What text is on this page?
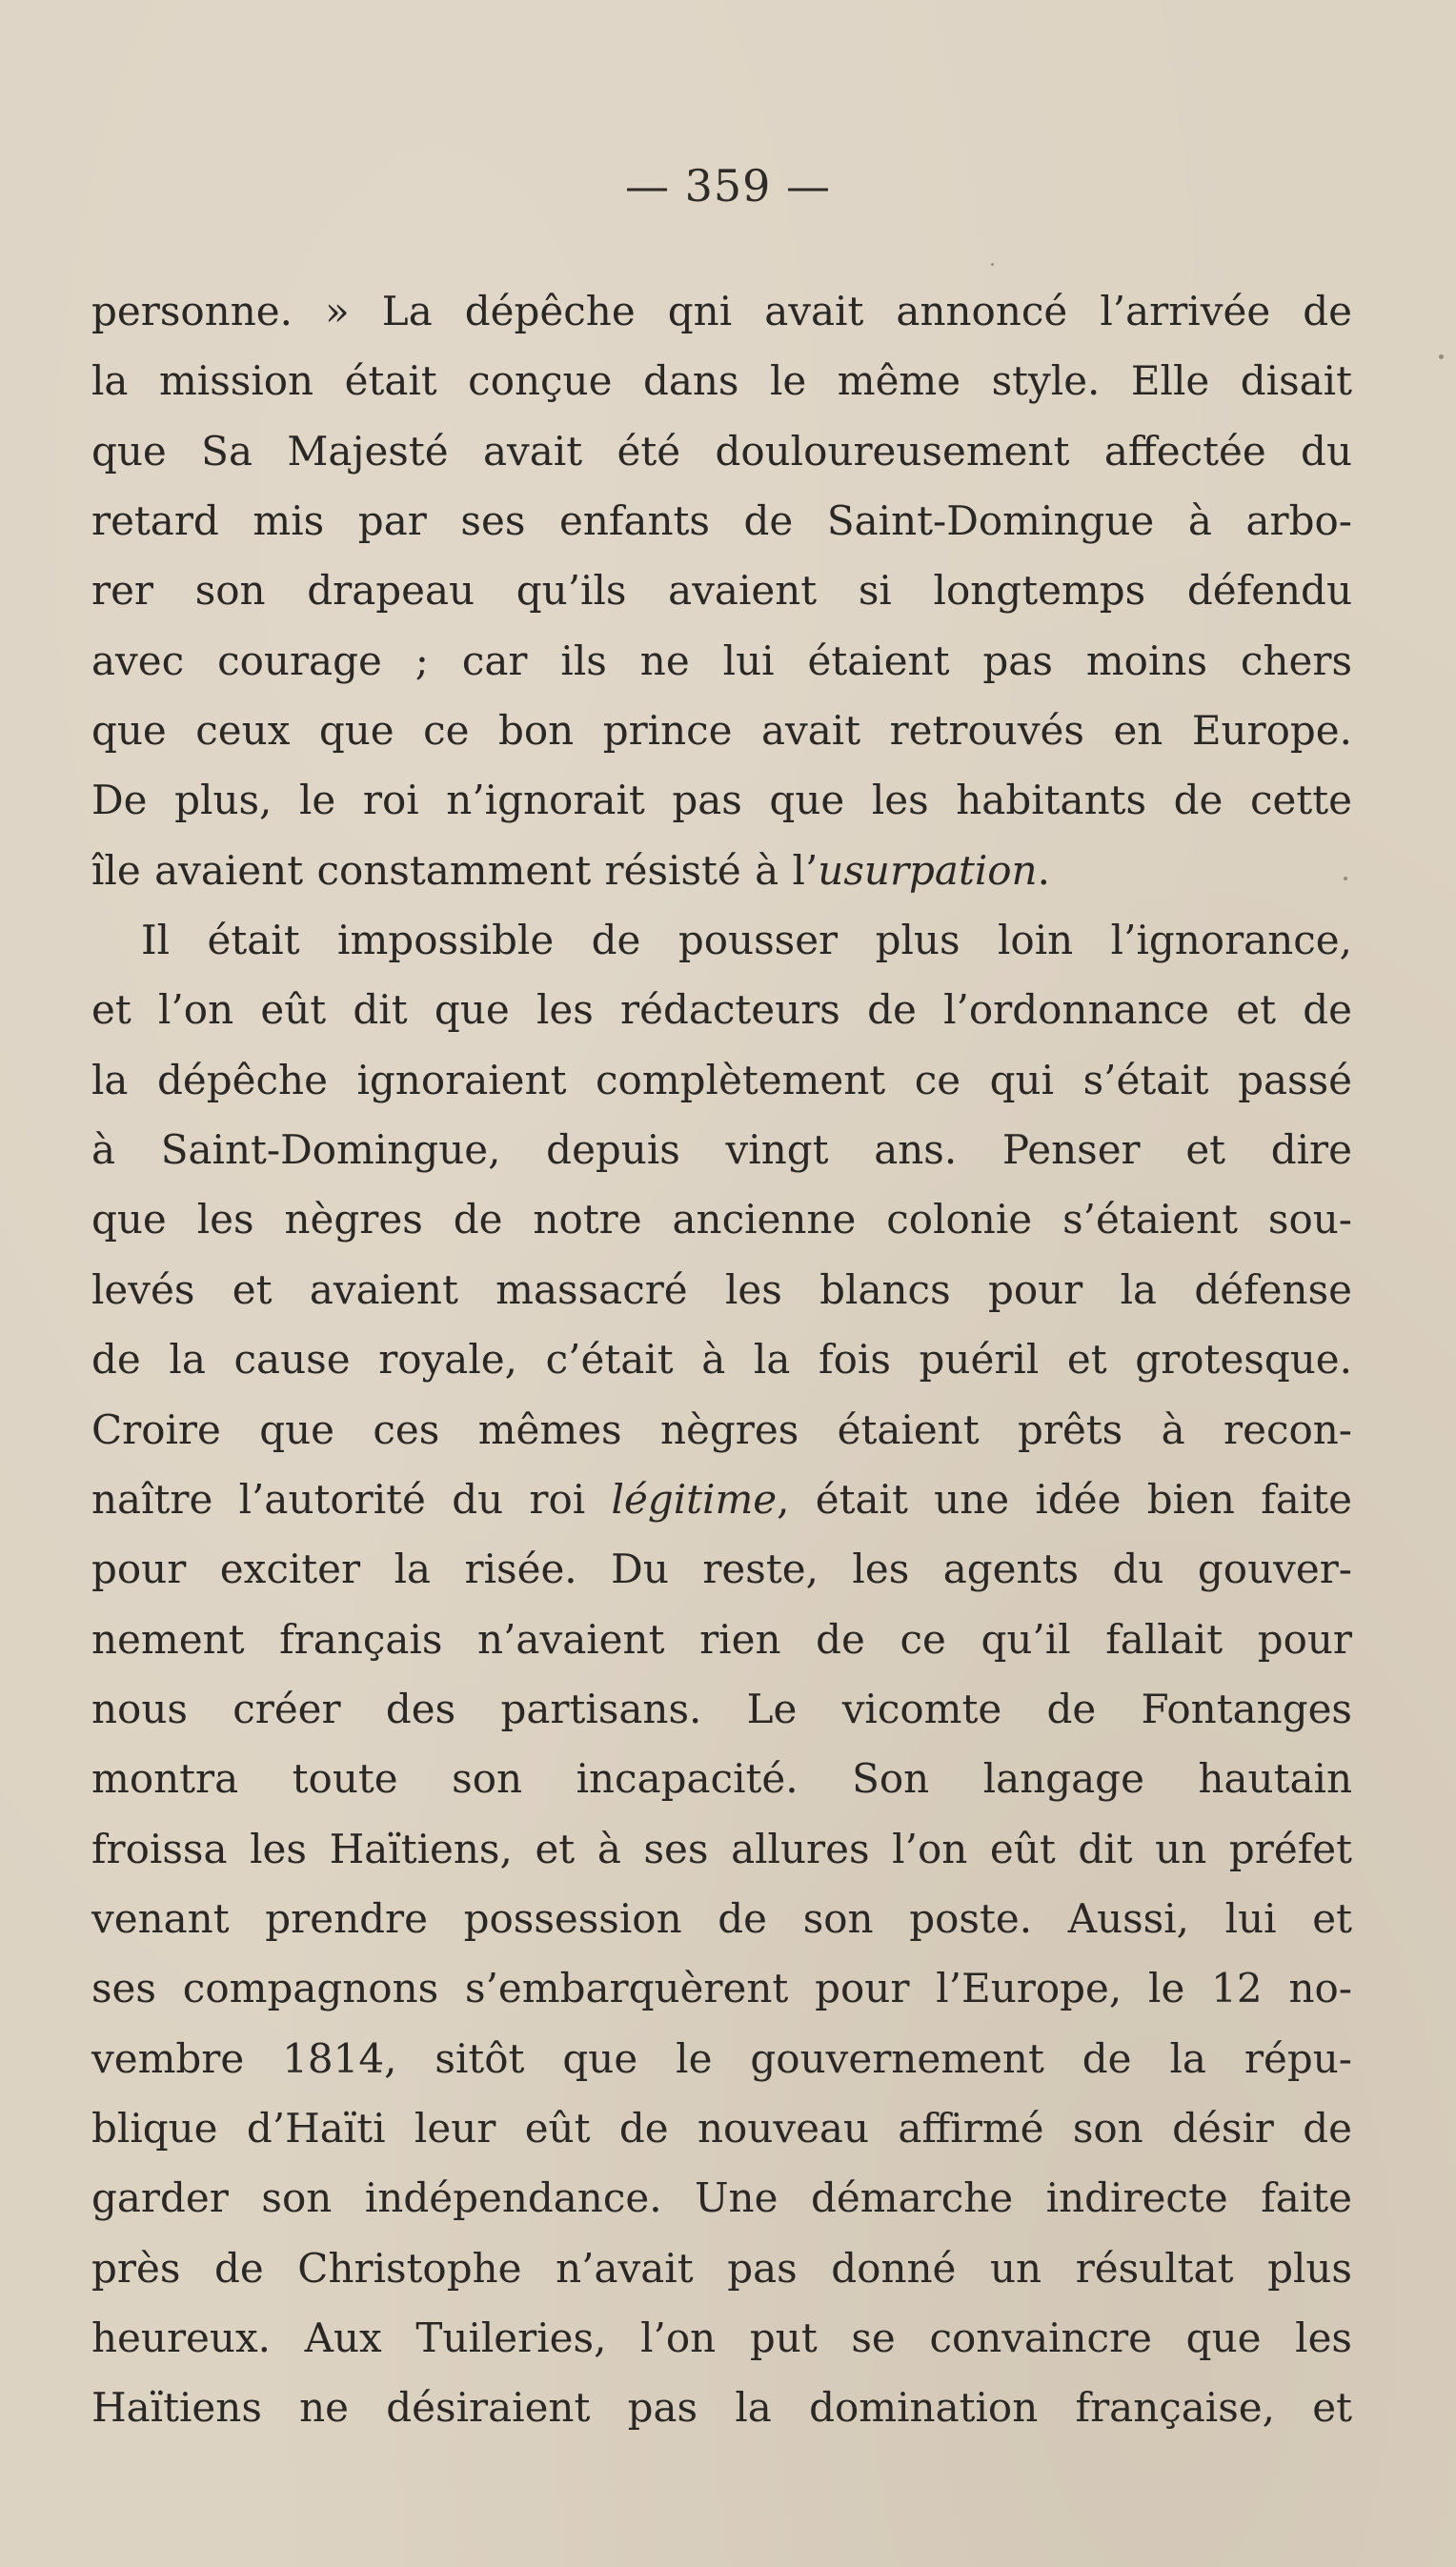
— 359 —
personne. » La dépêche qni avait annoncé l’arrivée de
la mission était conçue dans le même style. Elle disait
que Sa Majesté avait été douloureusement affectée du
retard mis par ses enfants de Saint-Domingue à arbo-
rer son drapeau qu’ils avaient si longtemps défendu
avec courage ; car ils ne lui étaient pas moins chers
que ceux que ce bon prince avait retrouvés en Europe.
De plus, le roi n’ignorait pas que les habitants de cette
île avaient constamment résisté à l’usurpation.
Il était impossible de pousser plus loin l’ignorance,
et l’on eût dit que les rédacteurs de l’ordonnance et de
la dépêche ignoraient complètement ce qui s’était passé
à Saint-Domingue, depuis vingt ans. Penser et dire
que les nègres de notre ancienne colonie s’étaient sou-
levés et avaient massacré les blancs pour la défense
de la cause royale, c’était à la fois puéril et grotesque.
Croire que ces mêmes nègres étaient prêts à recon-
naître l’autorité du roi légitime, était une idée bien faite
pour exciter la risée. Du reste, les agents du gouver-
nement français n’avaient rien de ce qu’il fallait pour
nous créer des partisans. Le vicomte de Fontanges
montra toute son incapacité. Son langage hautain
froissa les Haïtiens, et à ses allures l’on eût dit un préfet
venant prendre possession de son poste. Aussi, lui et
ses compagnons s’embarquèrent pour l’Europe, le 12 no-
vembre 1814, sitôt que le gouvernement de la répu-
blique d’Haïti leur eût de nouveau affirmé son désir de
garder son indépendance. Une démarche indirecte faite
près de Christophe n’avait pas donné un résultat plus
heureux. Aux Tuileries, l’on put se convaincre que les
Haïtiens ne désiraient pas la domination française, et
